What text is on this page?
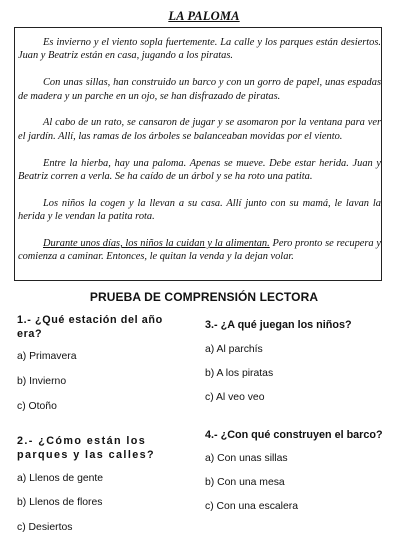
LA PALOMA

Es invierno y el viento sopla fuertemente. La calle y los parques están desiertos. Juan y Beatriz están en casa, jugando a los piratas.

Con unas sillas, han construido un barco y con un gorro de papel, unas espadas de madera y un parche en un ojo, se han disfrazado de piratas.

Al cabo de un rato, se cansaron de jugar y se asomaron por la ventana para ver el jardín. Allí, las ramas de los árboles se balanceaban movidas por el viento.

Entre la hierba, hay una paloma. Apenas se mueve. Debe estar herida. Juan y Beatriz corren a verla. Se ha caído de un árbol y se ha roto una patita.

Los niños la cogen y la llevan a su casa. Allí junto con su mamá, le lavan la herida y le vendan la patita rota.

Durante unos días, los niños la cuidan y la alimentan. Pero pronto se recupera y comienza a caminar. Entonces, le quitan la venda y la dejan volar.

PRUEBA DE COMPRENSIÓN LECTORA
1.- ¿Qué estación del año era?
a) Primavera
b) Invierno
c) Otoño
2.- ¿Cómo están los parques y las calles?
a) Llenos de gente
b) Llenos de flores
c) Desiertos
3.- ¿A qué juegan los niños?
a) Al parchís
b) A los piratas
c) Al veo veo
4.- ¿Con qué construyen el barco?
a) Con unas sillas
b) Con una mesa
c) Con una escalera
